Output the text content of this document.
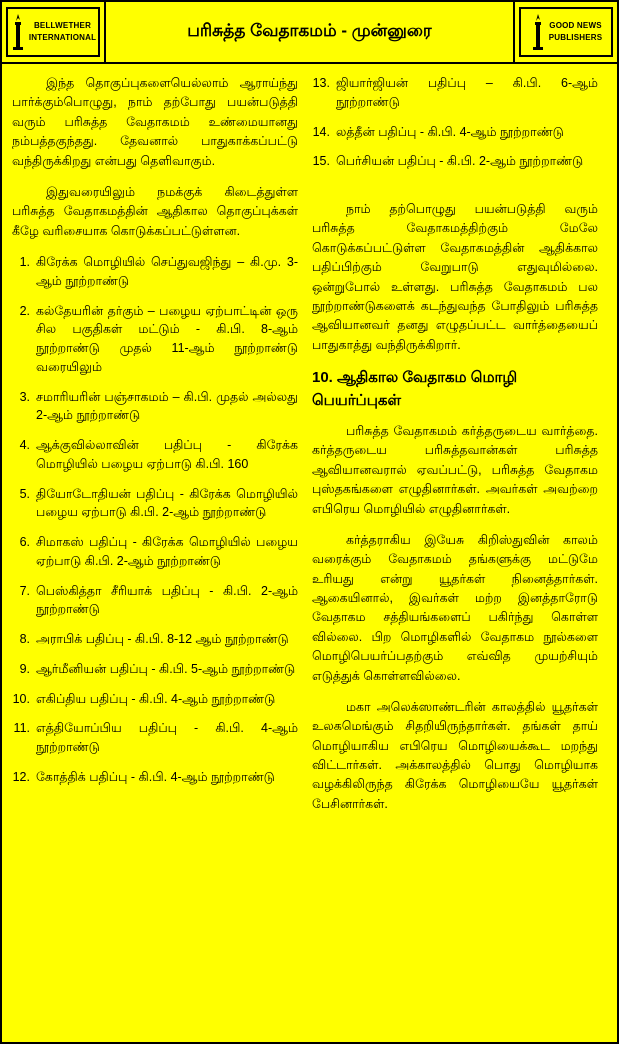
BELLWETHER
INTERNATIONAL	பரிசுத்த வேதாகமம் - முன்னுரை	GOOD NEWS
PUBLISHERS

இந்த தொகுப்புகளையெல்லாம் ஆராய்ந்து பார்க்கும்பொழுது, நாம் தற்போது பயன்படுத்தி வரும் பரிசுத்த வேதாகமம் உண்மையானது நம்பத்தகுந்தது. தேவனால் பாதுகாக்கப்பட்டு வந்திருக்கிறது என்பது தெளிவாகும்.

இதுவரையிலும் நமக்குக் கிடைத்துள்ள பரிசுத்த வேதாகமத்தின் ஆதிகால தொகுப்புக்கள் கீழே வரிசையாக கொடுக்கப்பட்டுள்ளன.

1. கிரேக்க மொழியில் செப்துவஜிந்து – கி.மு. 3-ஆம் நூற்றாண்டு
2. கல்தேயரின் தர்கும் – பழைய ஏற்பாட்டின் ஒரு சில பகுதிகள் மட்டும் - கி.பி. 8-ஆம் நூற்றாண்டு முதல் 11-ஆம் நூற்றாண்டு வரையிலும்
3. சமாரியரின் பஞ்சாகமம் – கி.பி. முதல் அல்லது 2-ஆம் நூற்றாண்டு
4. ஆக்குவில்லாவின் பதிப்பு - கிரேக்க மொழியில் பழைய ஏற்பாடு கி.பி. 160
5. தியோடோதியன் பதிப்பு - கிரேக்க மொழியில் பழைய ஏற்பாடு கி.பி. 2-ஆம் நூற்றாண்டு
6. சிமாகஸ் பதிப்பு - கிரேக்க மொழியில் பழைய ஏற்பாடு கி.பி. 2-ஆம் நூற்றாண்டு
7. பெஸ்கித்தா சீரியாக் பதிப்பு - கி.பி. 2-ஆம் நூற்றாண்டு
8. அராபிக் பதிப்பு - கி.பி. 8-12 ஆம் நூற்றாண்டு
9. ஆர்மீனியன் பதிப்பு - கி.பி. 5-ஆம் நூற்றாண்டு
10. எகிப்திய பதிப்பு - கி.பி. 4-ஆம் நூற்றாண்டு
11. எத்தியோப்பிய பதிப்பு - கி.பி. 4-ஆம் நூற்றாண்டு
12. கோத்திக் பதிப்பு - கி.பி. 4-ஆம் நூற்றாண்டு
13. ஜியார்ஜியன் பதிப்பு – கி.பி. 6-ஆம் நூற்றாண்டு
14. லத்தீன் பதிப்பு - கி.பி. 4-ஆம் நூற்றாண்டு
15. பெர்சியன் பதிப்பு - கி.பி. 2-ஆம் நூற்றாண்டு

நாம் தற்பொழுது பயன்படுத்தி வரும் பரிசுத்த வேதாகமத்திற்கும் மேலே கொடுக்கப்பட்டுள்ள வேதாகமத்தின் ஆதிக்கால பதிப்பிற்கும் வேறுபாடு எதுவுமில்லை. ஒன்றுபோல் உள்ளது. பரிசுத்த வேதாகமம் பல நூற்றாண்டுகளைக் கடந்துவந்த போதிலும் பரிசுத்த ஆவியானவர் தனது எழுதப்பட்ட வார்த்தையைப் பாதுகாத்து வந்திருக்கிறார்.

10. ஆதிகால வேதாகம மொழி பெயர்ப்புகள்

பரிசுத்த வேதாகமம் கர்த்தருடைய வார்த்தை. கர்த்தருடைய பரிசுத்தவான்கள் பரிசுத்த ஆவியானவரால் ஏவப்பட்டு, பரிசுத்த வேதாகம புஸ்தகங்களை எழுதினார்கள். அவர்கள் அவற்றை எபிரெய மொழியில் எழுதினார்கள்.

கர்த்தராகிய இயேசு கிறிஸ்துவின் காலம் வரைக்கும் வேதாகமம் தங்களுக்கு மட்டுமே உரியது என்று யூதர்கள் நினைத்தார்கள். ஆகையினால், இவர்கள் மற்ற இனத்தாரோடு வேதாகம சத்தியங்களைப் பகிர்ந்து கொள்ள வில்லை. பிற மொழிகளில் வேதாகம நூல்களை மொழிபெயர்ப்பதற்கும் எவ்வித முயற்சியும் எடுத்துக் கொள்ளவில்லை.

மகா அலெக்ஸாண்டரின் காலத்தில் யூதர்கள் உலகமெங்கும் சிதறியிருந்தார்கள். தங்கள் தாய் மொழியாகிய எபிரெய மொழியைக்கூட மறந்து விட்டார்கள். அக்காலத்தில் பொது மொழியாக வழக்கிலிருந்த கிரேக்க மொழியையே யூதர்கள் பேசினார்கள்.
